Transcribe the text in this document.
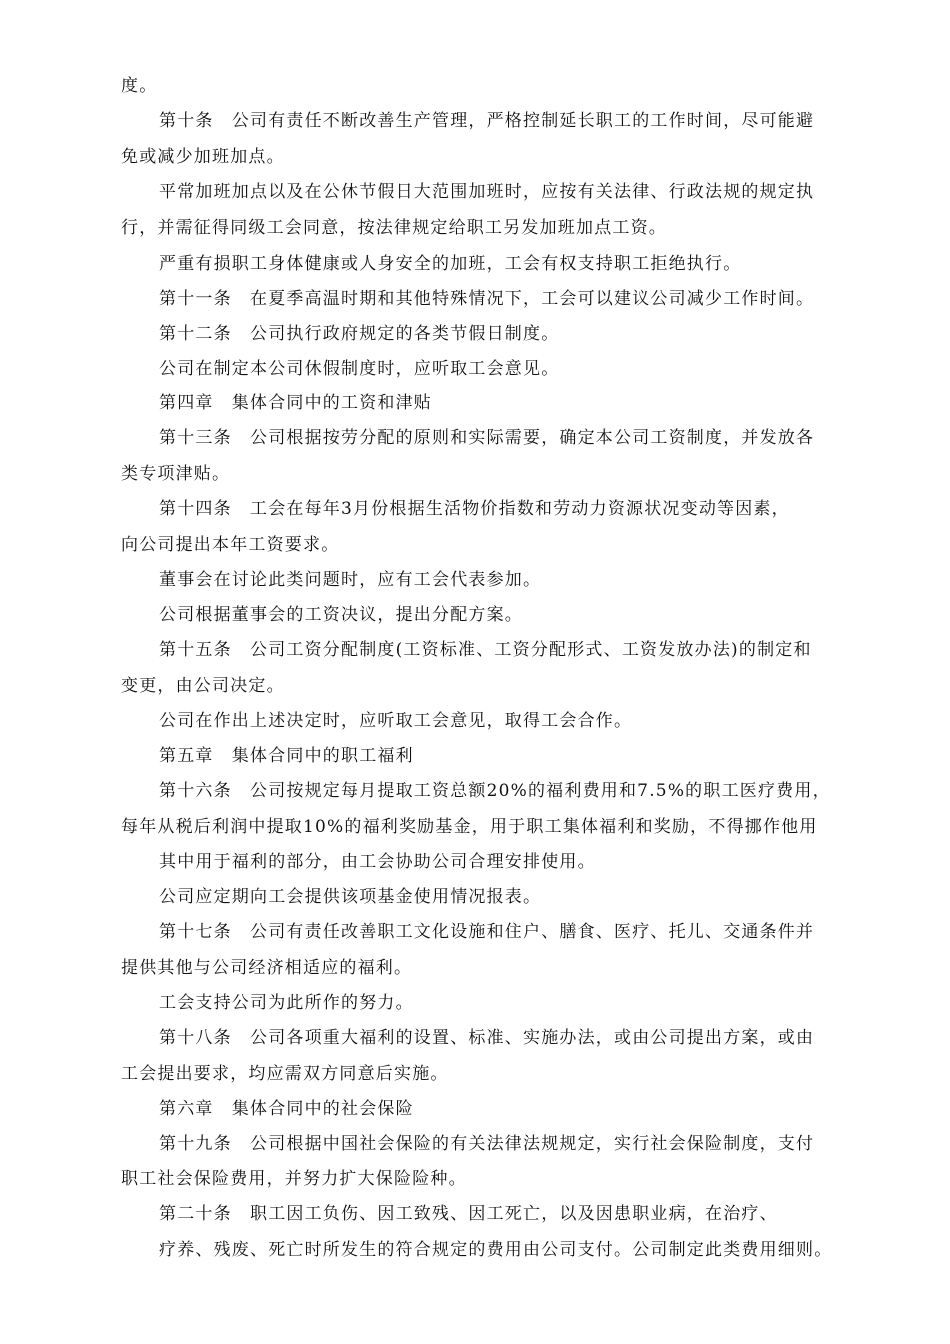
度。
第十条　公司有责任不断改善生产管理，严格控制延长职工的工作时间，尽可能避
免或减少加班加点。
平常加班加点以及在公休节假日大范围加班时，应按有关法律、行政法规的规定执
行，并需征得同级工会同意，按法律规定给职工另发加班加点工资。
严重有损职工身体健康或人身安全的加班，工会有权支持职工拒绝执行。
第十一条　在夏季高温时期和其他特殊情况下，工会可以建议公司减少工作时间。
第十二条　公司执行政府规定的各类节假日制度。
公司在制定本公司休假制度时，应听取工会意见。
第四章　集体合同中的工资和津贴
第十三条　公司根据按劳分配的原则和实际需要，确定本公司工资制度，并发放各
类专项津贴。
第十四条　工会在每年3月份根据生活物价指数和劳动力资源状况变动等因素，
向公司提出本年工资要求。
董事会在讨论此类问题时，应有工会代表参加。
公司根据董事会的工资决议，提出分配方案。
第十五条　公司工资分配制度(工资标准、工资分配形式、工资发放办法)的制定和
变更，由公司决定。
公司在作出上述决定时，应听取工会意见，取得工会合作。
第五章　集体合同中的职工福利
第十六条　公司按规定每月提取工资总额20%的福利费用和7.5%的职工医疗费用，
每年从税后利润中提取10%的福利奖励基金，用于职工集体福利和奖励，不得挪作他用
其中用于福利的部分，由工会协助公司合理安排使用。
公司应定期向工会提供该项基金使用情况报表。
第十七条　公司有责任改善职工文化设施和住户、膳食、医疗、托儿、交通条件并
提供其他与公司经济相适应的福利。
工会支持公司为此所作的努力。
第十八条　公司各项重大福利的设置、标准、实施办法，或由公司提出方案，或由
工会提出要求，均应需双方同意后实施。
第六章　集体合同中的社会保险
第十九条　公司根据中国社会保险的有关法律法规规定，实行社会保险制度，支付
职工社会保险费用，并努力扩大保险险种。
第二十条　职工因工负伤、因工致残、因工死亡，以及因患职业病，在治疗、
疗养、残废、死亡时所发生的符合规定的费用由公司支付。公司制定此类费用细则。
